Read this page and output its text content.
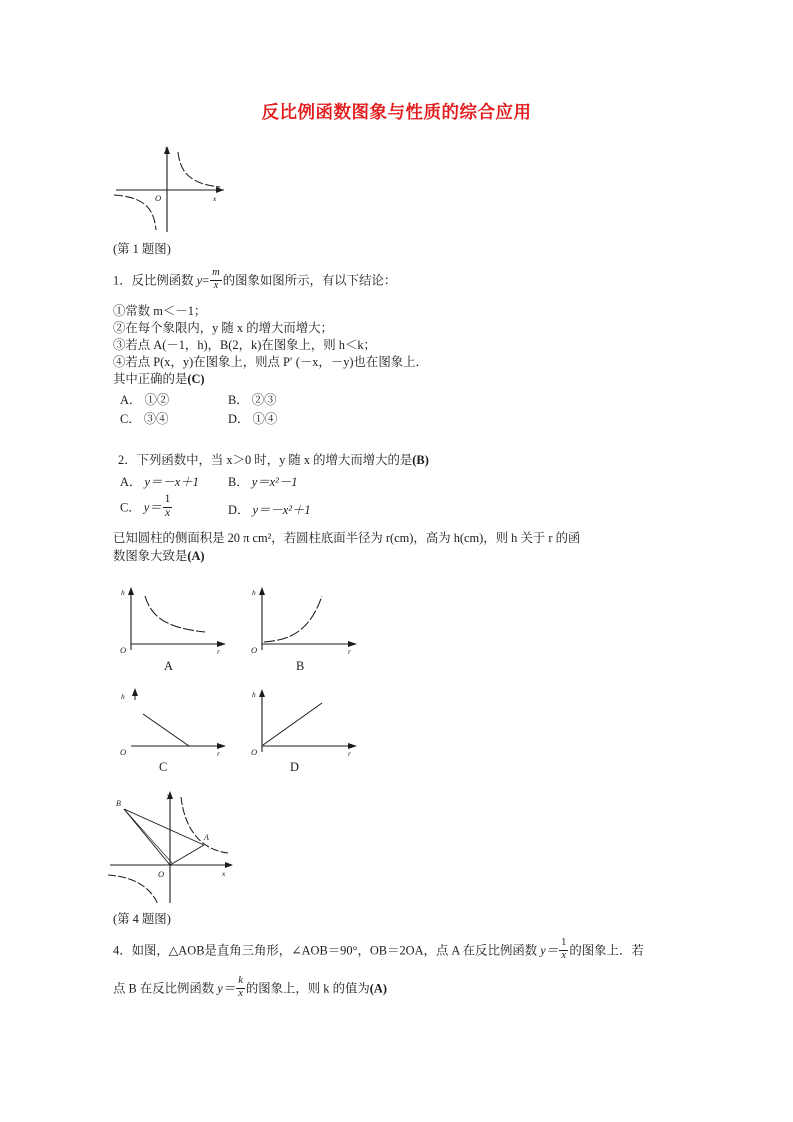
反比例函数图象与性质的综合应用
y
x
O
(第 1 题图)
1．反比例函数 $y= \frac{m}{x}$ 的图象如图所示，有以下结论：
①常数 m＜－1；
②在每个象限内，y 随 x 的增大而增大；
③若点 A(－1，h)，B(2，k)在图象上，则 h＜k；
④若点 P(x，y)在图象上，则点 P′ (－x，－y)也在图象上．
其中正确的是(C)
A． ①②	B． ②③
C． ③④	D． ①④
2．下列函数中，当 x＞0 时，y 随 x 的增大而增大的是(B)
A． y＝－x＋1 B． y＝x²－1
C． $y= \frac{1}{x}$	D． y＝－x²＋1
已知圆柱的侧面积是 20 π cm²，若圆柱底面半径为 r(cm)，高为 h(cm)，则 h 关于 r 的函
数图象大致是(A)
h
r
O
A
h
r
O
B
h
r
O
C
h
r
O
D
y
x
O
B
A
(第 4 题图)
4．如图，△AOB是直角三角形，∠AOB＝90°，OB＝2OA，点 A 在反比例函数 $y= \frac{1}{x}$ 的图象上．若
点 B 在反比例函数 $y= \frac{k}{x}$ 的图象上，则 k 的值为(A)
